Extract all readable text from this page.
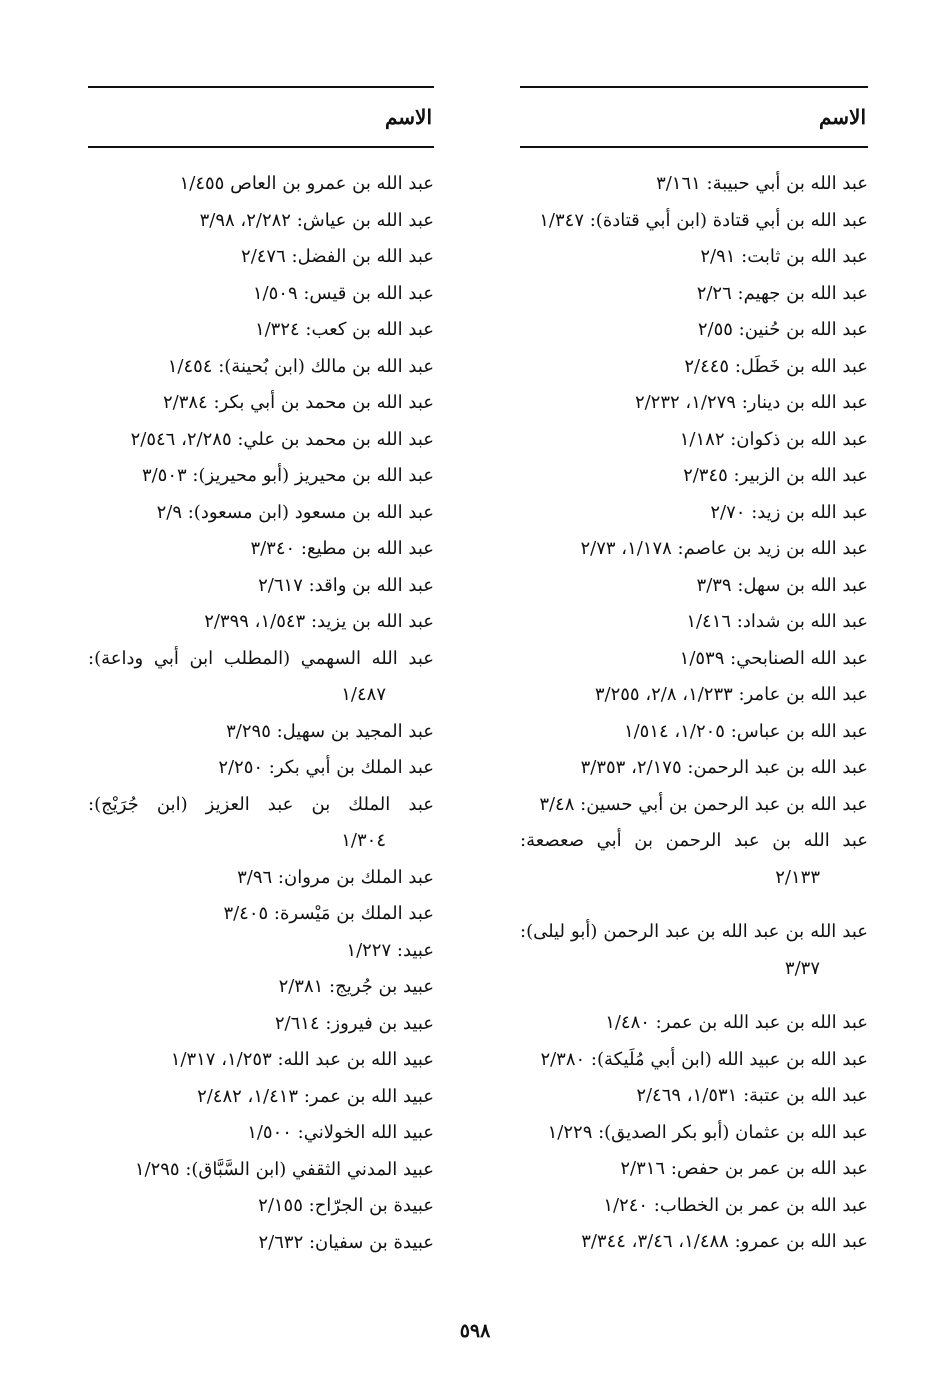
الاسم
عبد الله بن أبي حبيبة: ٣/١٦١
عبد الله بن أبي قتادة (ابن أبي قتادة): ١/٣٤٧
عبد الله بن ثابت: ٢/٩١
عبد الله بن جهيم: ٢/٢٦
عبد الله بن حُنين: ٢/٥٥
عبد الله بن خَطَل: ٢/٤٤٥
عبد الله بن دينار: ١/٢٧٩، ٢/٢٣٢
عبد الله بن ذكوان: ١/١٨٢
عبد الله بن الزبير: ٢/٣٤٥
عبد الله بن زيد: ٢/٧٠
عبد الله بن زيد بن عاصم: ١/١٧٨، ٢/٧٣
عبد الله بن سهل: ٣/٣٩
عبد الله بن شداد: ١/٤١٦
عبد الله الصنابحي: ١/٥٣٩
عبد الله بن عامر: ١/٢٣٣، ٢/٨، ٣/٢٥٥
عبد الله بن عباس: ١/٢٠٥، ١/٥١٤
عبد الله بن عبد الرحمن: ٢/١٧٥، ٣/٣٥٣
عبد الله بن عبد الرحمن بن أبي حسين: ٣/٤٨
عبد الله بن عبد الرحمن بن أبي صعصعة:
٢/١٣٣
عبد الله بن عبد الله بن عبد الرحمن (أبو ليلى):
٣/٣٧
عبد الله بن عبد الله بن عمر: ١/٤٨٠
عبد الله بن عبيد الله (ابن أبي مُلَيكة): ٢/٣٨٠
عبد الله بن عتبة: ١/٥٣١، ٢/٤٦٩
عبد الله بن عثمان (أبو بكر الصديق): ١/٢٢٩
عبد الله بن عمر بن حفص: ٢/٣١٦
عبد الله بن عمر بن الخطاب: ١/٢٤٠
عبد الله بن عمرو: ١/٤٨٨، ٣/٤٦، ٣/٣٤٤
الاسم
عبد الله بن عمرو بن العاص ١/٤٥٥
عبد الله بن عياش: ٢/٢٨٢، ٣/٩٨
عبد الله بن الفضل: ٢/٤٧٦
عبد الله بن قيس: ١/٥٠٩
عبد الله بن كعب: ١/٣٢٤
عبد الله بن مالك (ابن بُحينة): ١/٤٥٤
عبد الله بن محمد بن أبي بكر: ٢/٣٨٤
عبد الله بن محمد بن علي: ٢/٢٨٥، ٢/٥٤٦
عبد الله بن محيريز (أبو محيريز): ٣/٥٠٣
عبد الله بن مسعود (ابن مسعود): ٢/٩
عبد الله بن مطيع: ٣/٣٤٠
عبد الله بن واقد: ٢/٦١٧
عبد الله بن يزيد: ١/٥٤٣، ٢/٣٩٩
عبد الله السهمي (المطلب ابن أبي وداعة):
١/٤٨٧
عبد المجيد بن سهيل: ٣/٢٩٥
عبد الملك بن أبي بكر: ٢/٢٥٠
عبد الملك بن عبد العزيز (ابن جُرَيْج):
١/٣٠٤
عبد الملك بن مروان: ٣/٩٦
عبد الملك بن مَيْسرة: ٣/٤٠٥
عبيد: ١/٢٢٧
عبيد بن جُريج: ٢/٣٨١
عبيد بن فيروز: ٢/٦١٤
عبيد الله بن عبد الله: ١/٢٥٣، ١/٣١٧
عبيد الله بن عمر: ١/٤١٣، ٢/٤٨٢
عبيد الله الخولاني: ١/٥٠٠
عبيد المدني الثقفي (ابن السَّبَّاق): ١/٢٩٥
عبيدة بن الجرّاح: ٢/١٥٥
عبيدة بن سفيان: ٢/٦٣٢
٥٩٨
